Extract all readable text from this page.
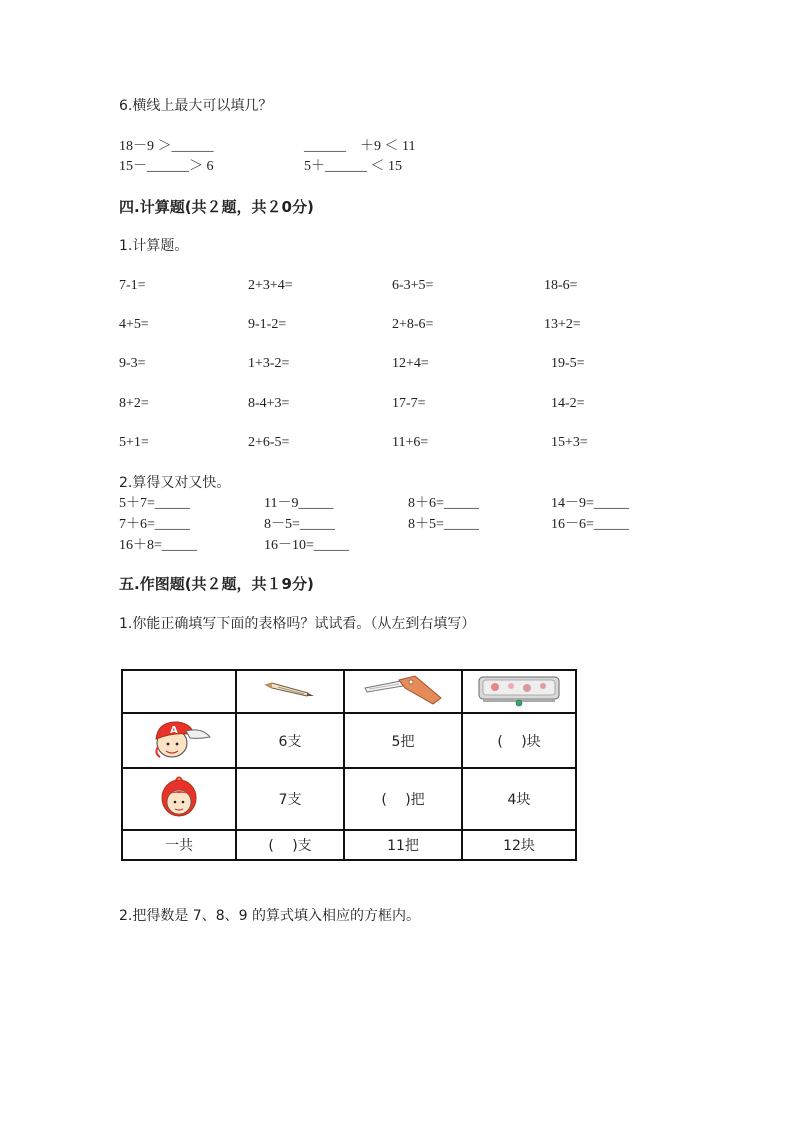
6.横线上最大可以填几？
18－9 ＞______	______　＋9 ＜ 11
15－______＞ 6	5＋______ ＜ 15
四.计算题(共２题，共２0分)
1.计算题。
7-1=	2+3+4=	6-3+5=	18-6=
4+5=	9-1-2=	2+8-6=	13+2=
9-3=	1+3-2=	12+4=	19-5=
8+2=	8-4+3=	17-7=	14-2=
5+1=	2+6-5=	11+6=	15+3=
2.算得又对又快。
5＋7=_____	11－9_____	8＋6=_____	14－9=_____
7＋6=_____	8－5=_____	8＋5=_____	16－6=_____
16＋8=_____	16－10=_____
五.作图题(共２题，共１9分)
1.你能正确填写下面的表格吗？试试看。（从左到右填写）

A	6支	5把	(　 )块
	7支	(　 )把	4块
一共	(　 )支	11把	12块
2.把得数是 7、8、9 的算式填入相应的方框内。
